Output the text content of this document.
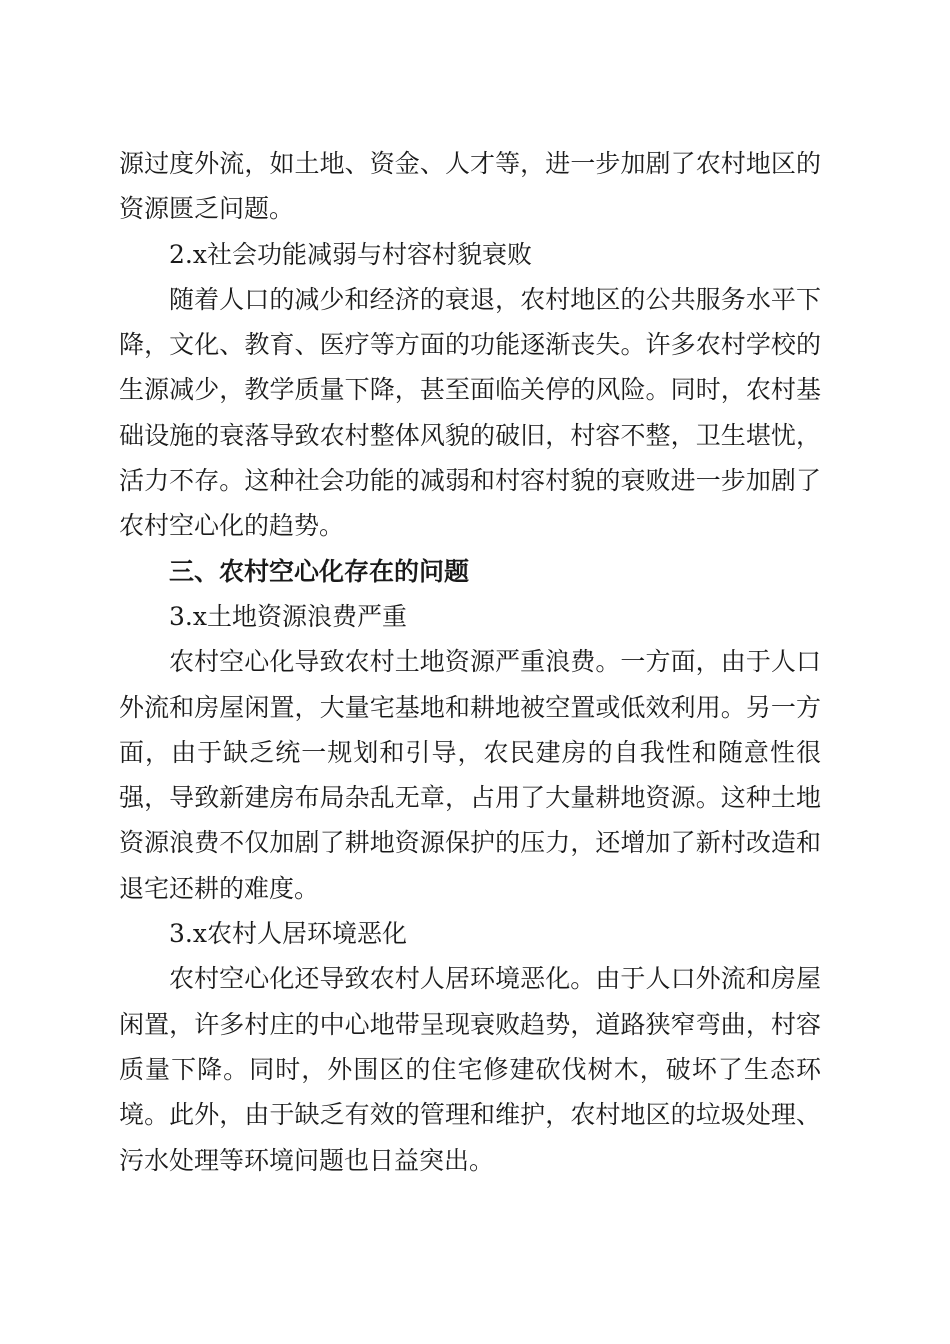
源过度外流，如土地、资金、人才等，进一步加剧了农村地区的资源匮乏问题。

2.x社会功能减弱与村容村貌衰败

随着人口的减少和经济的衰退，农村地区的公共服务水平下降，文化、教育、医疗等方面的功能逐渐丧失。许多农村学校的生源减少，教学质量下降，甚至面临关停的风险。同时，农村基础设施的衰落导致农村整体风貌的破旧，村容不整，卫生堪忧，活力不存。这种社会功能的减弱和村容村貌的衰败进一步加剧了农村空心化的趋势。

三、农村空心化存在的问题

3.x土地资源浪费严重

农村空心化导致农村土地资源严重浪费。一方面，由于人口外流和房屋闲置，大量宅基地和耕地被空置或低效利用。另一方面，由于缺乏统一规划和引导，农民建房的自我性和随意性很强，导致新建房布局杂乱无章，占用了大量耕地资源。这种土地资源浪费不仅加剧了耕地资源保护的压力，还增加了新村改造和退宅还耕的难度。

3.x农村人居环境恶化

农村空心化还导致农村人居环境恶化。由于人口外流和房屋闲置，许多村庄的中心地带呈现衰败趋势，道路狭窄弯曲，村容质量下降。同时，外围区的住宅修建砍伐树木，破坏了生态环境。此外，由于缺乏有效的管理和维护，农村地区的垃圾处理、污水处理等环境问题也日益突出。
